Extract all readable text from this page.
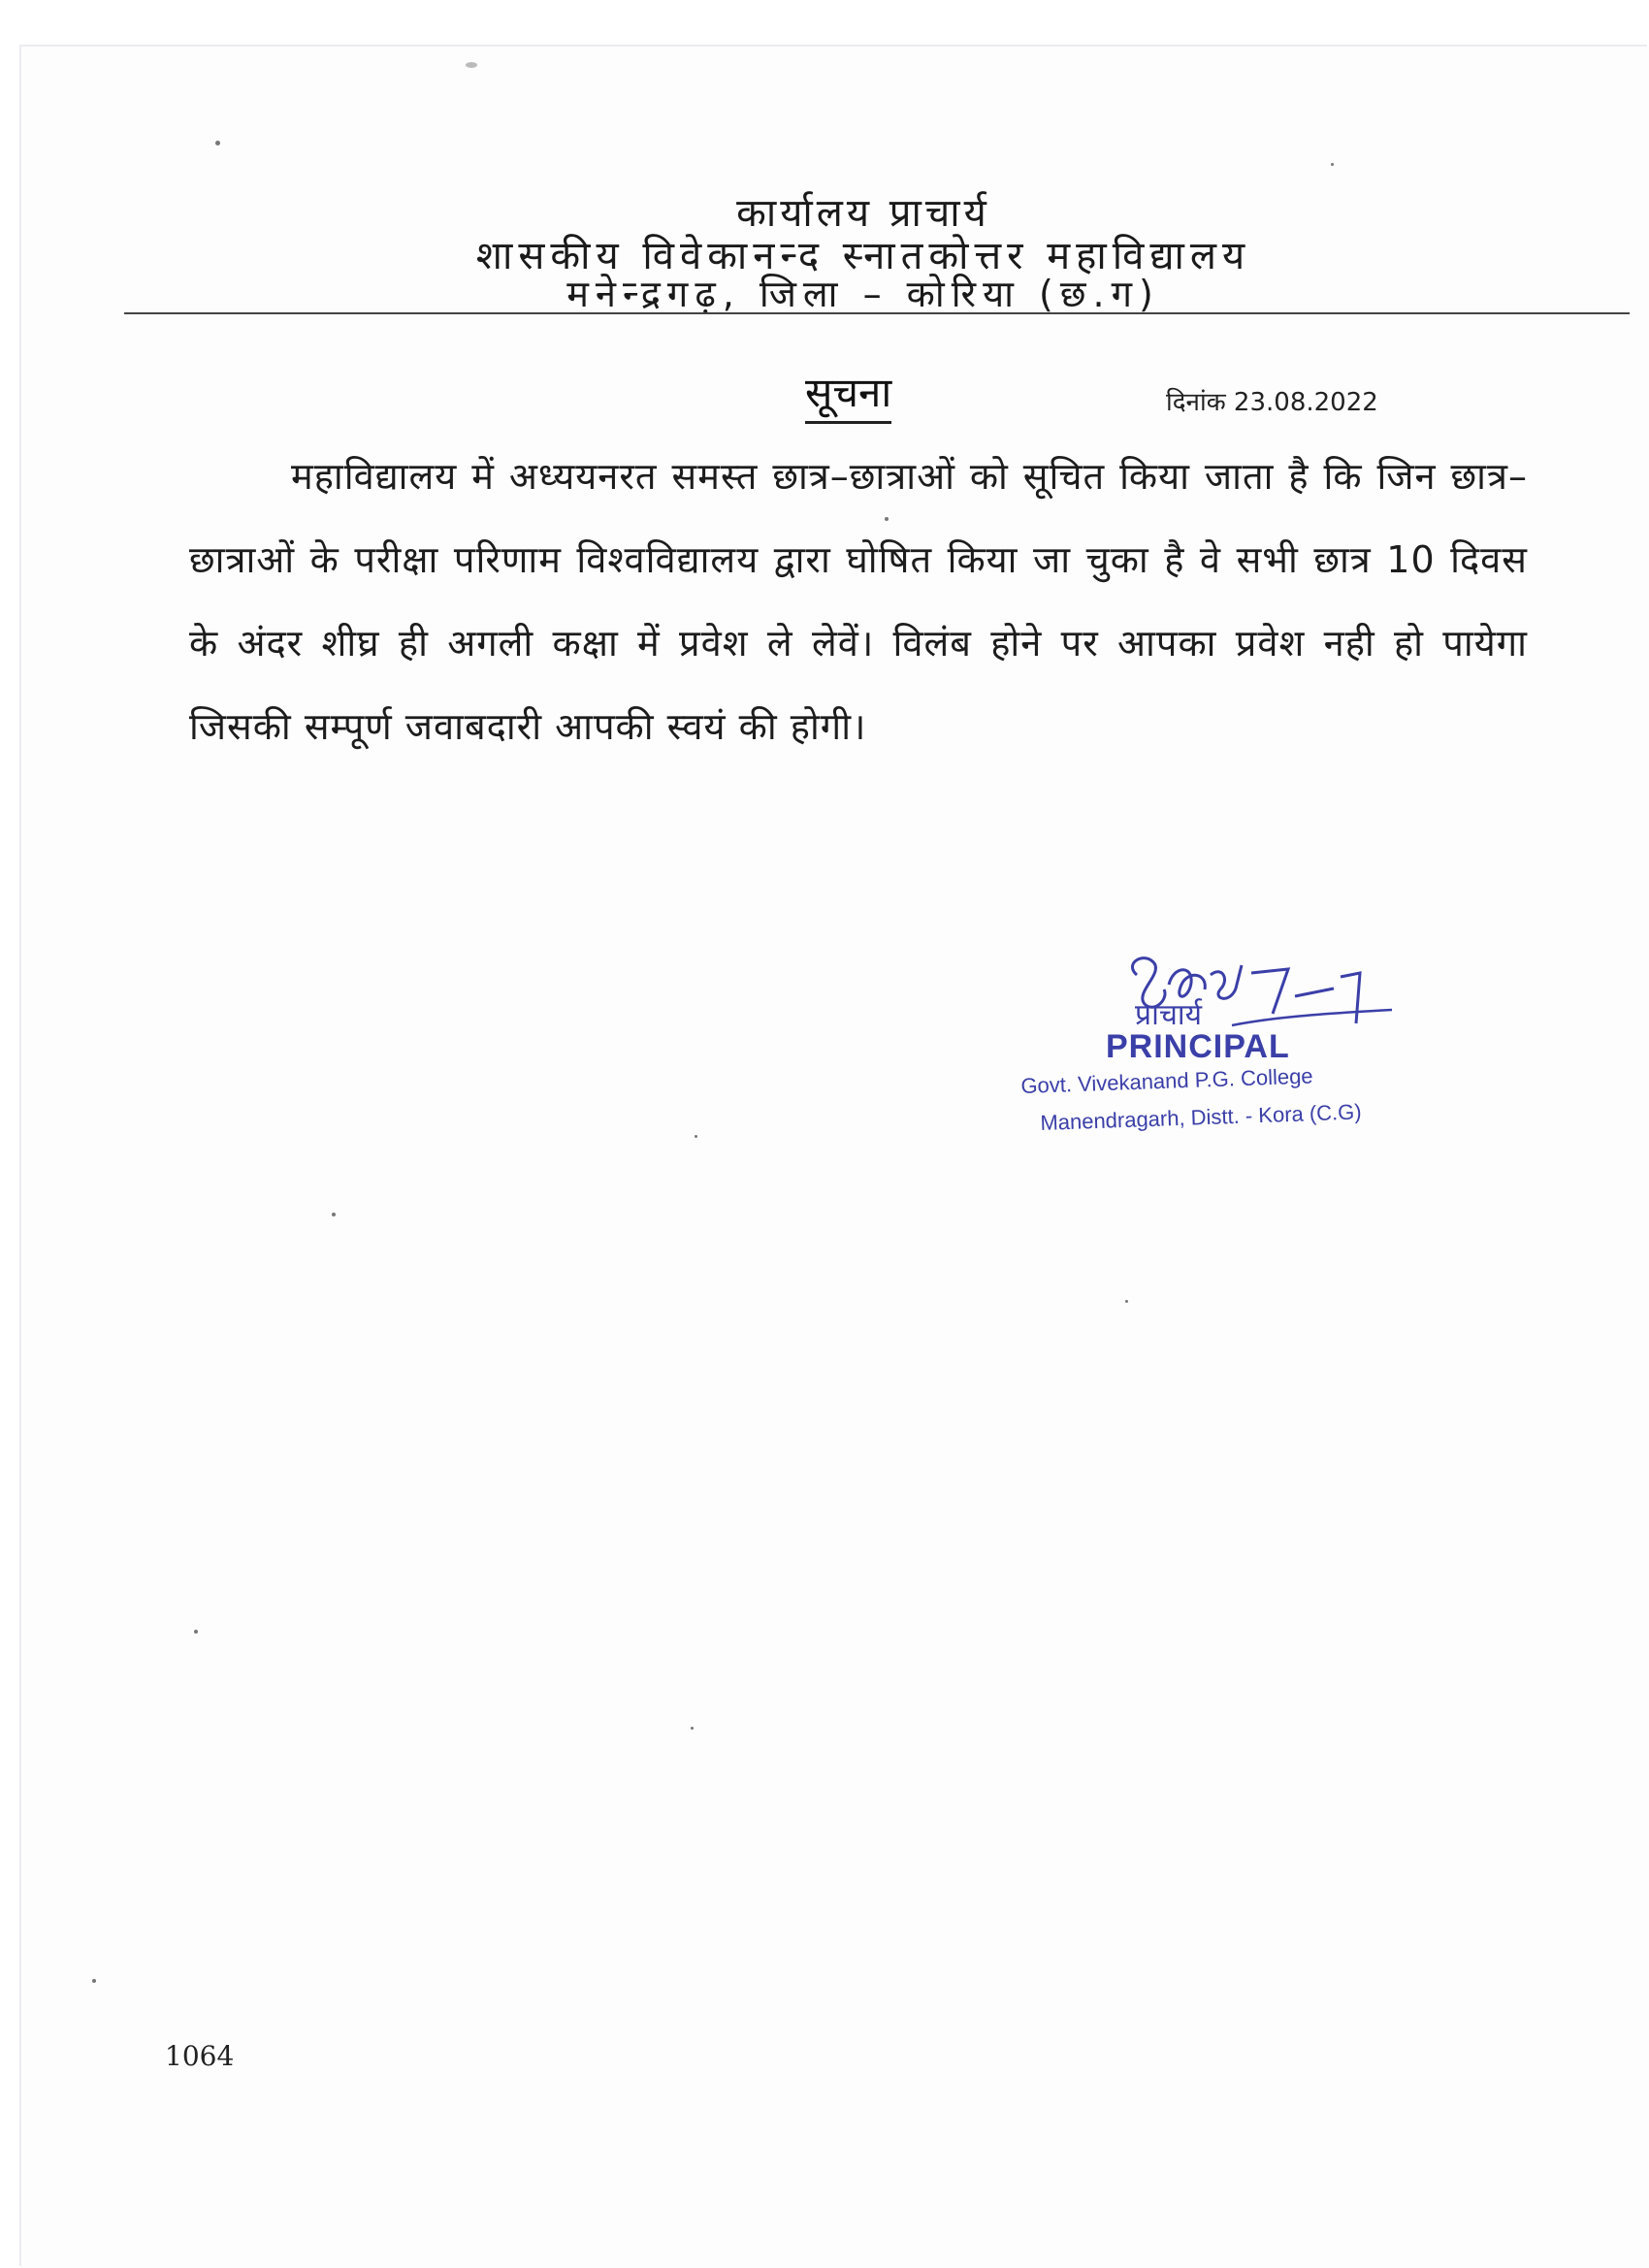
कार्यालय प्राचार्य
शासकीय विवेकानन्द स्नातकोत्तर महाविद्यालय
मनेन्द्रगढ़, जिला – कोरिया (छ.ग)
सूचना	दिनांक 23.08.2022
महाविद्यालय में अध्ययनरत समस्त छात्र–छात्राओं को सूचित किया जाता है कि जिन छात्र–छात्राओं के परीक्षा परिणाम विश्वविद्यालय द्वारा घोषित किया जा चुका है वे सभी छात्र 10 दिवस के अंदर शीघ्र ही अगली कक्षा में प्रवेश ले लेवें। विलंब होने पर आपका प्रवेश नही हो पायेगा जिसकी सम्पूर्ण जवाबदारी आपकी स्वयं की होगी।
प्राचार्य
PRINCIPAL
Govt. Vivekanand P.G. College
Manendragarh, Distt. - Kora (C.G)
1064
